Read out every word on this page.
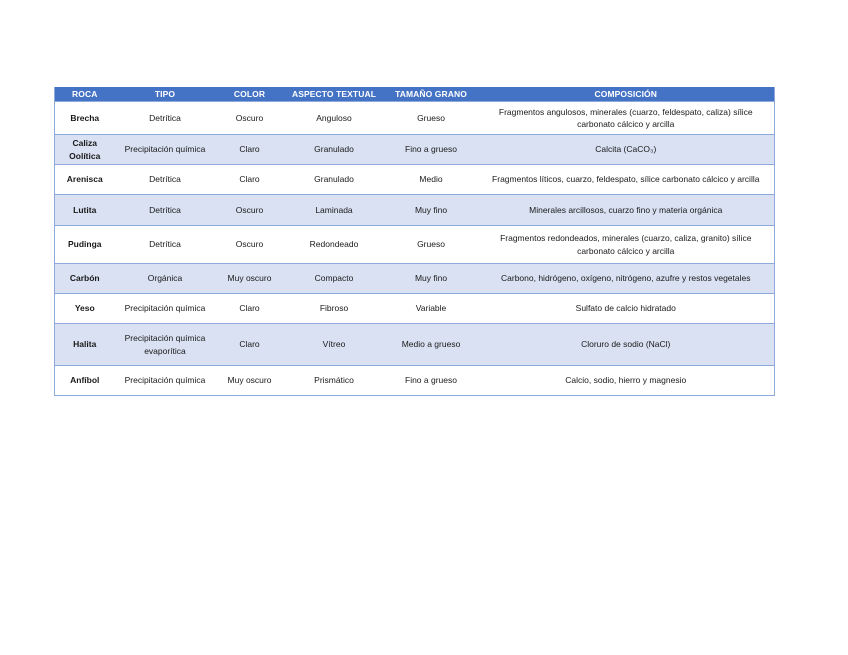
ROCA	TIPO	COLOR	ASPECTO TEXTUAL	TAMAÑO GRANO	COMPOSICIÓN
Brecha	Detrítica	Oscuro	Anguloso	Grueso	Fragmentos angulosos, minerales (cuarzo, feldespato, caliza) sílice carbonato cálcico y arcilla
Caliza Oolítica	Precipitación química	Claro	Granulado	Fino a grueso	Calcita (CaCO₃)
Arenisca	Detrítica	Claro	Granulado	Medio	Fragmentos líticos, cuarzo, feldespato, sílice carbonato cálcico y arcilla
Lutita	Detrítica	Oscuro	Laminada	Muy fino	Minerales arcillosos, cuarzo fino y materia orgánica
Pudinga	Detrítica	Oscuro	Redondeado	Grueso	Fragmentos redondeados, minerales (cuarzo, caliza, granito) sílice carbonato cálcico y arcilla
Carbón	Orgánica	Muy oscuro	Compacto	Muy fino	Carbono, hidrógeno, oxígeno, nitrógeno, azufre y restos vegetales
Yeso	Precipitación química	Claro	Fibroso	Variable	Sulfato de calcio hidratado
Halita	Precipitación química evaporítica	Claro	Vítreo	Medio a grueso	Cloruro de sodio (NaCl)
Anfíbol	Precipitación química	Muy oscuro	Prismático	Fino a grueso	Calcio, sodio, hierro y magnesio
